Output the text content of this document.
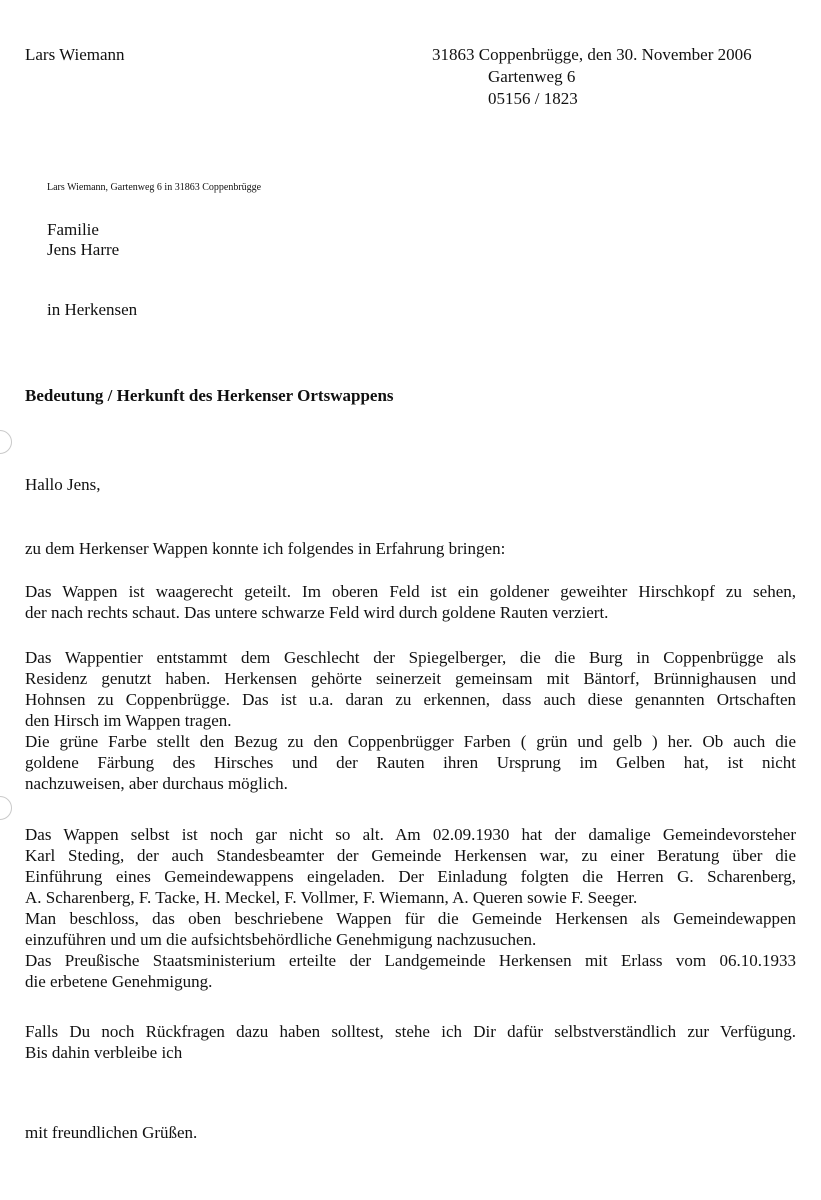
Lars Wiemann	31863 Coppenbrügge, den 30. November 2006
Gartenweg 6
05156 / 1823
Lars Wiemann, Gartenweg 6 in 31863 Coppenbrügge
Familie
Jens Harre
in Herkensen
Bedeutung / Herkunft des Herkenser Ortswappens
Hallo Jens,
zu dem Herkenser Wappen konnte ich folgendes in Erfahrung bringen:
Das Wappen ist waagerecht geteilt. Im oberen Feld ist ein goldener geweihter Hirschkopf zu sehen,
der nach rechts schaut. Das untere schwarze Feld wird durch goldene Rauten verziert.
Das Wappentier entstammt dem Geschlecht der Spiegelberger, die die Burg in Coppenbrügge als
Residenz genutzt haben. Herkensen gehörte seinerzeit gemeinsam mit Bäntorf, Brünnighausen und
Hohnsen zu Coppenbrügge. Das ist u.a. daran zu erkennen, dass auch diese genannten Ortschaften
den Hirsch im Wappen tragen.
Die grüne Farbe stellt den Bezug zu den Coppenbrügger Farben ( grün und gelb ) her. Ob auch die
goldene Färbung des Hirsches und der Rauten ihren Ursprung im Gelben hat, ist nicht
nachzuweisen, aber durchaus möglich.
Das Wappen selbst ist noch gar nicht so alt. Am 02.09.1930 hat der damalige Gemeindevorsteher
Karl Steding, der auch Standesbeamter der Gemeinde Herkensen war, zu einer Beratung über die
Einführung eines Gemeindewappens eingeladen. Der Einladung folgten die Herren G. Scharenberg,
A. Scharenberg, F. Tacke, H. Meckel, F. Vollmer, F. Wiemann, A. Queren sowie F. Seeger.
Man beschloss, das oben beschriebene Wappen für die Gemeinde Herkensen als Gemeindewappen
einzuführen und um die aufsichtsbehördliche Genehmigung nachzusuchen.
Das Preußische Staatsministerium erteilte der Landgemeinde Herkensen mit Erlass vom 06.10.1933
die erbetene Genehmigung.
Falls Du noch Rückfragen dazu haben solltest, stehe ich Dir dafür selbstverständlich zur Verfügung.
Bis dahin verbleibe ich
mit freundlichen Grüßen.
